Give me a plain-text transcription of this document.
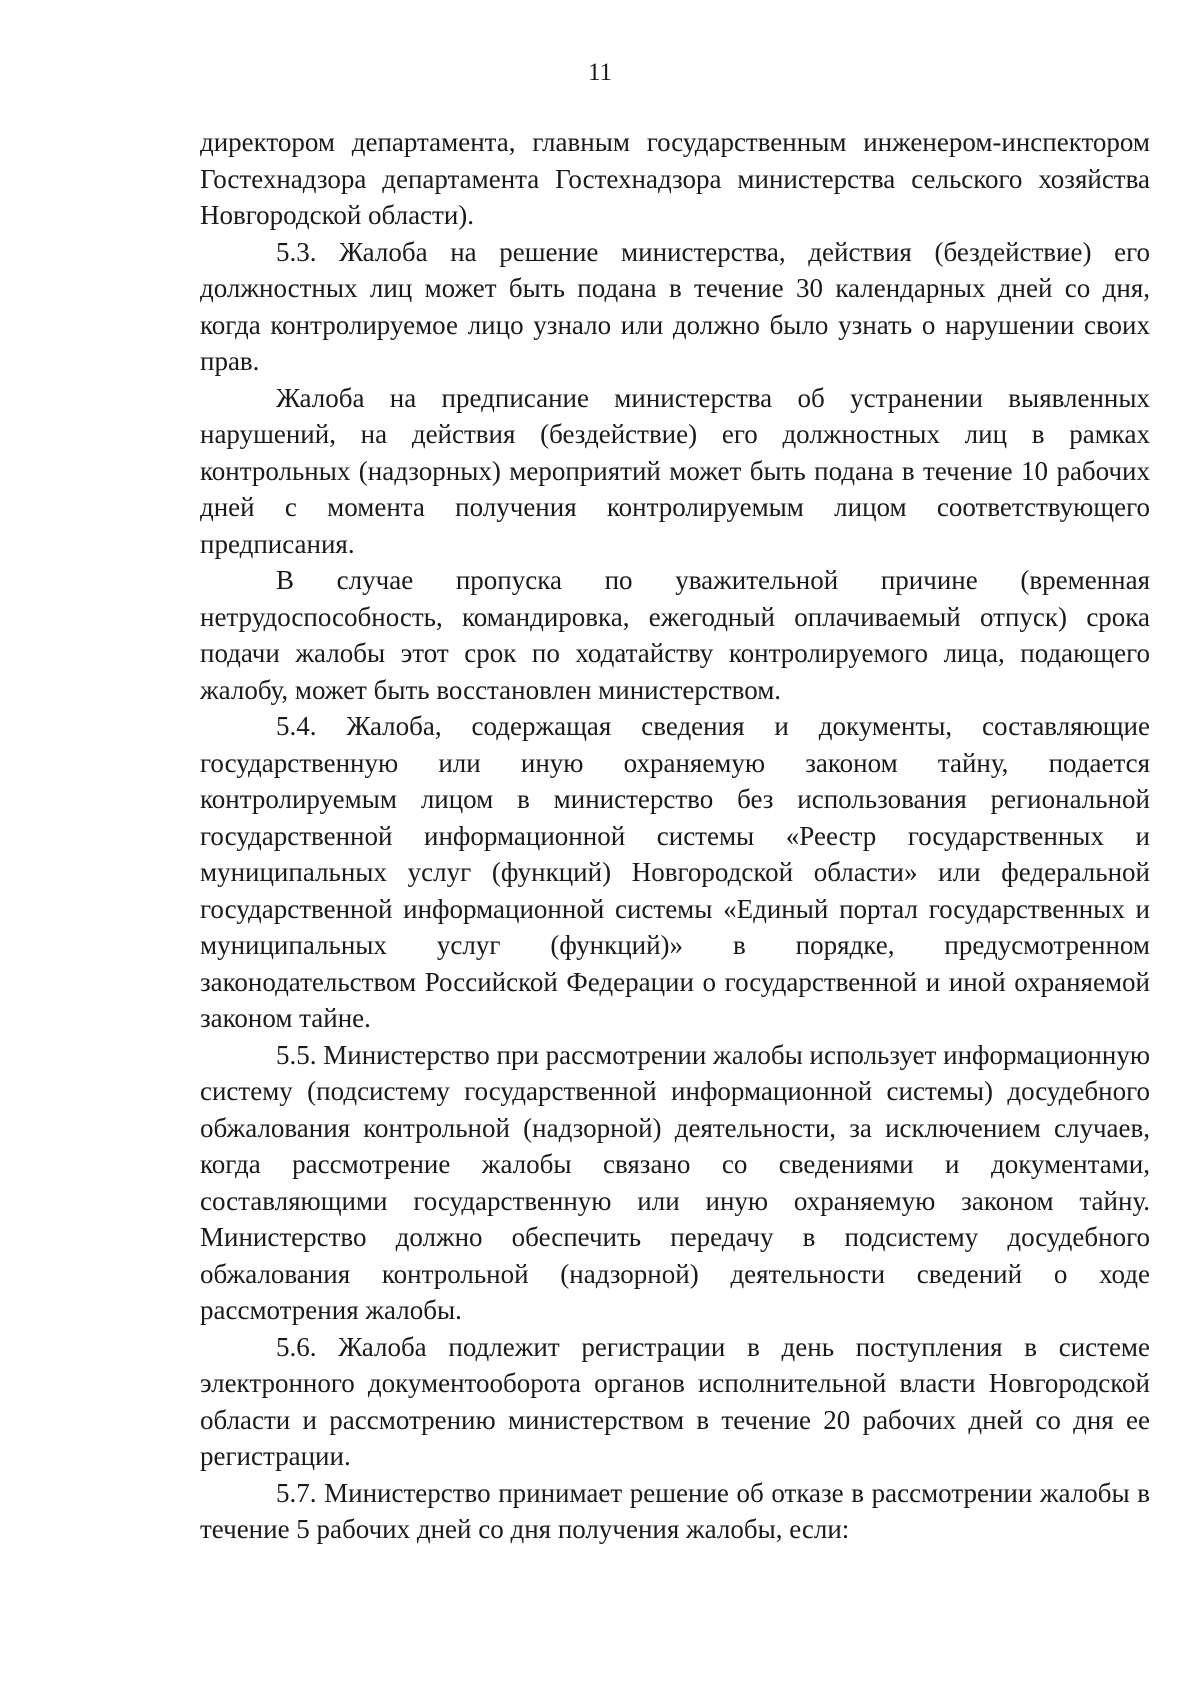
11

директором департамента, главным государственным инженером-инспектором Гостехнадзора департамента Гостехнадзора министерства сельского хозяйства Новгородской области).

5.3. Жалоба на решение министерства, действия (бездействие) его должностных лиц может быть подана в течение 30 календарных дней со дня, когда контролируемое лицо узнало или должно было узнать о нарушении своих прав.

Жалоба на предписание министерства об устранении выявленных нарушений, на действия (бездействие) его должностных лиц в рамках контрольных (надзорных) мероприятий может быть подана в течение 10 рабочих дней с момента получения контролируемым лицом соответствующего предписания.

В случае пропуска по уважительной причине (временная нетрудоспособность, командировка, ежегодный оплачиваемый отпуск) срока подачи жалобы этот срок по ходатайству контролируемого лица, подающего жалобу, может быть восстановлен министерством.

5.4. Жалоба, содержащая сведения и документы, составляющие государственную или иную охраняемую законом тайну, подается контролируемым лицом в министерство без использования региональной государственной информационной системы «Реестр государственных и муниципальных услуг (функций) Новгородской области» или федеральной государственной информационной системы «Единый портал государственных и муниципальных услуг (функций)» в порядке, предусмотренном законодательством Российской Федерации о государственной и иной охраняемой законом тайне.

5.5. Министерство при рассмотрении жалобы использует информационную систему (подсистему государственной информационной системы) досудебного обжалования контрольной (надзорной) деятельности, за исключением случаев, когда рассмотрение жалобы связано со сведениями и документами, составляющими государственную или иную охраняемую законом тайну. Министерство должно обеспечить передачу в подсистему досудебного обжалования контрольной (надзорной) деятельности сведений о ходе рассмотрения жалобы.

5.6. Жалоба подлежит регистрации в день поступления в системе электронного документооборота органов исполнительной власти Новгородской области и рассмотрению министерством в течение 20 рабочих дней со дня ее регистрации.

5.7. Министерство принимает решение об отказе в рассмотрении жалобы в течение 5 рабочих дней со дня получения жалобы, если:
